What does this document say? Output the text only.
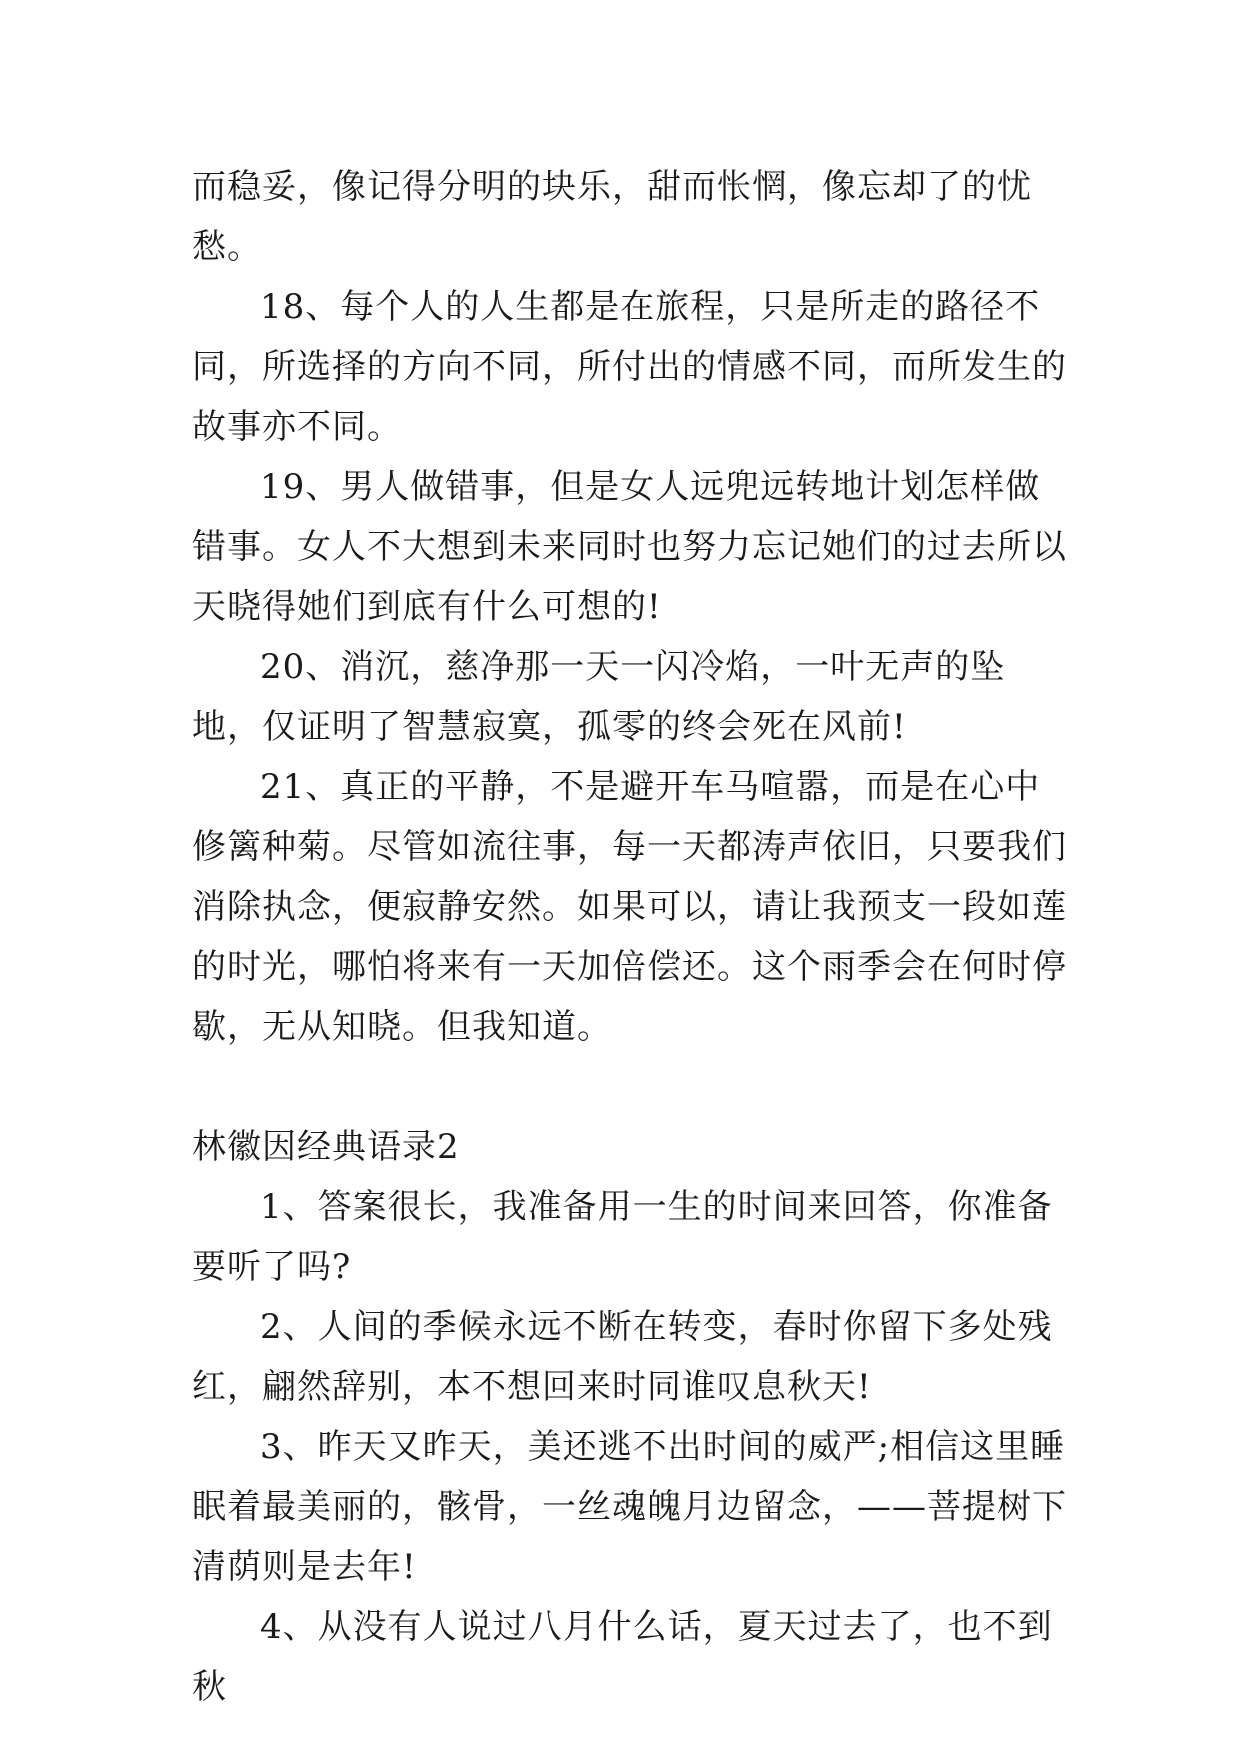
而稳妥，像记得分明的块乐，甜而怅惘，像忘却了的忧愁。

18、每个人的人生都是在旅程，只是所走的路径不同，所选择的方向不同，所付出的情感不同，而所发生的故事亦不同。

19、男人做错事，但是女人远兜远转地计划怎样做错事。女人不大想到未来同时也努力忘记她们的过去所以天晓得她们到底有什么可想的!

20、消沉，慈净那一天一闪冷焰，一叶无声的坠地，仅证明了智慧寂寞，孤零的终会死在风前!

21、真正的平静，不是避开车马喧嚣，而是在心中修篱种菊。尽管如流往事，每一天都涛声依旧，只要我们消除执念，便寂静安然。如果可以，请让我预支一段如莲的时光，哪怕将来有一天加倍偿还。这个雨季会在何时停歇，无从知晓。但我知道。

林徽因经典语录2

1、答案很长，我准备用一生的时间来回答，你准备要听了吗?

2、人间的季候永远不断在转变，春时你留下多处残红，翩然辞别，本不想回来时同谁叹息秋天!

3、昨天又昨天，美还逃不出时间的威严;相信这里睡眠着最美丽的，骸骨，一丝魂魄月边留念，——菩提树下清荫则是去年!

4、从没有人说过八月什么话，夏天过去了，也不到秋
